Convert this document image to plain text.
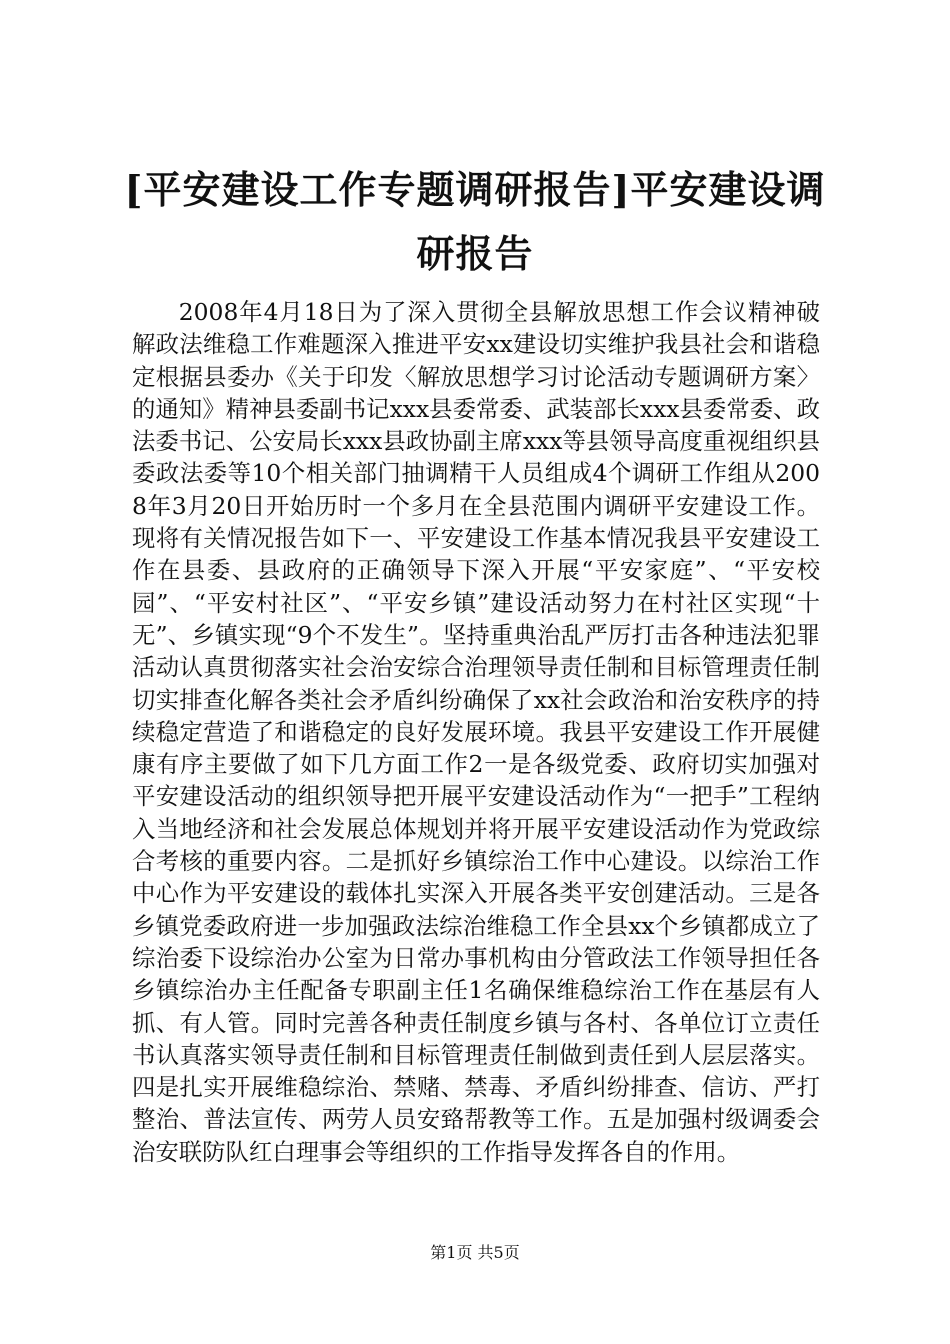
[平安建设工作专题调研报告]平安建设调研报告

2008年4月18日为了深入贯彻全县解放思想工作会议精神破解政法维稳工作难题深入推进平安xx建设切实维护我县社会和谐稳定根据县委办《关于印发〈解放思想学习讨论活动专题调研方案〉的通知》精神县委副书记xxx县委常委、武装部长xxx县委常委、政法委书记、公安局长xxx县政协副主席xxx等县领导高度重视组织县委政法委等10个相关部门抽调精干人员组成4个调研工作组从2008年3月20日开始历时一个多月在全县范围内调研平安建设工作。现将有关情况报告如下一、平安建设工作基本情况我县平安建设工作在县委、县政府的正确领导下深入开展“平安家庭”、“平安校园”、“平安村社区”、“平安乡镇”建设活动努力在村社区实现“十无”、乡镇实现“9个不发生”。坚持重典治乱严厉打击各种违法犯罪活动认真贯彻落实社会治安综合治理领导责任制和目标管理责任制切实排查化解各类社会矛盾纠纷确保了xx社会政治和治安秩序的持续稳定营造了和谐稳定的良好发展环境。我县平安建设工作开展健康有序主要做了如下几方面工作2一是各级党委、政府切实加强对平安建设活动的组织领导把开展平安建设活动作为“一把手”工程纳入当地经济和社会发展总体规划并将开展平安建设活动作为党政综合考核的重要内容。二是抓好乡镇综治工作中心建设。以综治工作中心作为平安建设的载体扎实深入开展各类平安创建活动。三是各乡镇党委政府进一步加强政法综治维稳工作全县xx个乡镇都成立了综治委下设综治办公室为日常办事机构由分管政法工作领导担任各乡镇综治办主任配备专职副主任1名确保维稳综治工作在基层有人抓、有人管。同时完善各种责任制度乡镇与各村、各单位订立责任书认真落实领导责任制和目标管理责任制做到责任到人层层落实。四是扎实开展维稳综治、禁赌、禁毒、矛盾纠纷排查、信访、严打整治、普法宣传、两劳人员安臵帮教等工作。五是加强村级调委会治安联防队红白理事会等组织的工作指导发挥各自的作用。

第1页 共5页
